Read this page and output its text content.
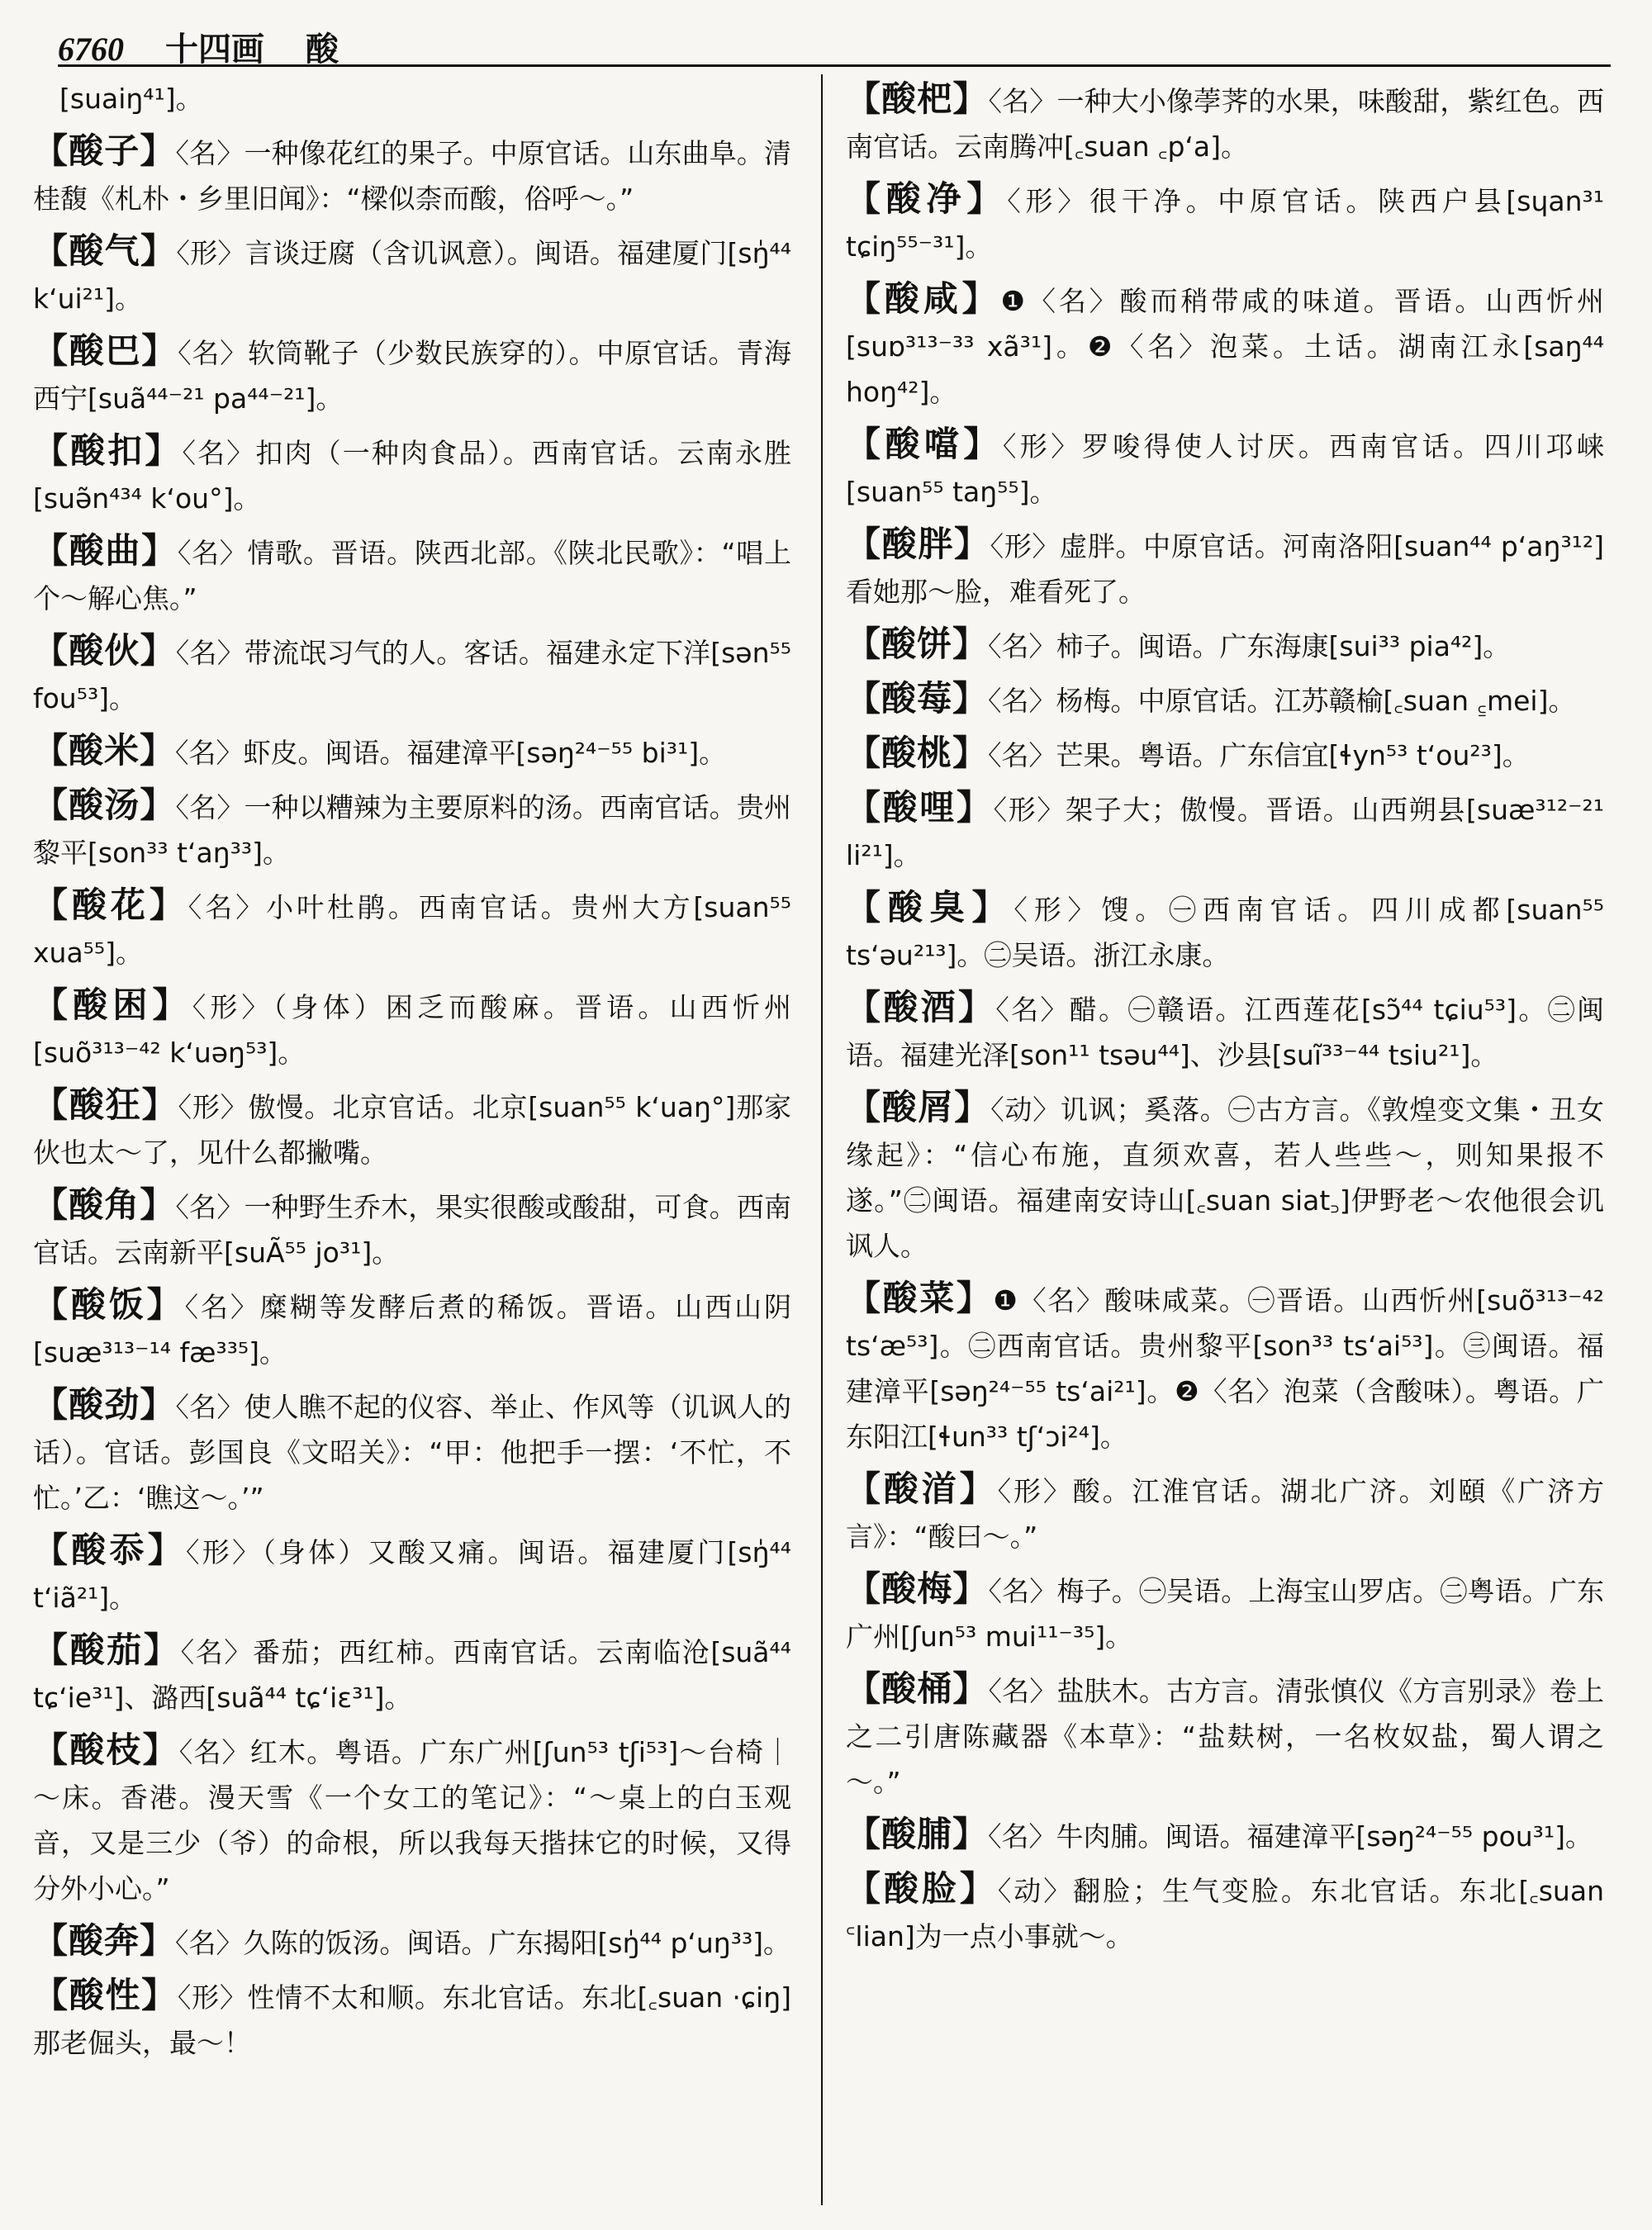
6760 十四画 酸
[suaiŋ⁴¹]。
【酸子】〈名〉一种像花红的果子。中原官话。山东曲阜。清桂馥《札朴・乡里旧闻》：“樑似柰而酸，俗呼～。”
【酸气】〈形〉言谈迂腐（含讥讽意）。闽语。福建厦门[sŋ̍⁴⁴ kʻui²¹]。
【酸巴】〈名〉软筒靴子（少数民族穿的）。中原官话。青海西宁[suã⁴⁴⁻²¹ pa⁴⁴⁻²¹]。
【酸扣】〈名〉扣肉（一种肉食品）。西南官话。云南永胜[suə̃n⁴³⁴ kʻou°]。
【酸曲】〈名〉情歌。晋语。陕西北部。《陕北民歌》：“唱上个～解心焦。”
【酸伙】〈名〉带流氓习气的人。客话。福建永定下洋[sən⁵⁵ fou⁵³]。
【酸米】〈名〉虾皮。闽语。福建漳平[səŋ²⁴⁻⁵⁵ bi³¹]。
【酸汤】〈名〉一种以糟辣为主要原料的汤。西南官话。贵州黎平[son³³ tʻaŋ³³]。
【酸花】〈名〉小叶杜鹃。西南官话。贵州大方[suan⁵⁵ xua⁵⁵]。
【酸困】〈形〉（身体）困乏而酸麻。晋语。山西忻州[suõ³¹³⁻⁴² kʻuəŋ⁵³]。
【酸狂】〈形〉傲慢。北京官话。北京[suan⁵⁵ kʻuaŋ°]那家伙也太～了，见什么都撇嘴。
【酸角】〈名〉一种野生乔木，果实很酸或酸甜，可食。西南官话。云南新平[suÃ⁵⁵ jo³¹]。
【酸饭】〈名〉糜糊等发酵后煮的稀饭。晋语。山西山阴[suæ³¹³⁻¹⁴ fæ³³⁵]。
【酸劲】〈名〉使人瞧不起的仪容、举止、作风等（讥讽人的话）。官话。彭国良《文昭关》：“甲：他把手一摆：‘不忙，不忙。’乙：‘瞧这～。’”
【酸忝】〈形〉（身体）又酸又痛。闽语。福建厦门[sŋ̍⁴⁴ tʻiã²¹]。
【酸茄】〈名〉番茄；西红柿。西南官话。云南临沧[suã⁴⁴ tɕʻie³¹]、潞西[suã⁴⁴ tɕʻiɛ³¹]。
【酸枝】〈名〉红木。粤语。广东广州[ʃun⁵³ tʃi⁵³]～台椅｜～床。香港。漫天雪《一个女工的笔记》：“～桌上的白玉观音，又是三少（爷）的命根，所以我每天揩抹它的时候，又得分外小心。”
【酸奔】〈名〉久陈的饭汤。闽语。广东揭阳[sŋ̍⁴⁴ pʻuŋ³³]。
【酸性】〈形〉性情不太和顺。东北官话。东北[꜀suan ·ɕiŋ]那老倔头，最～！
【酸杷】〈名〉一种大小像荸荠的水果，味酸甜，紫红色。西南官话。云南腾冲[꜀suan ꜀pʻa]。
【酸净】〈形〉很干净。中原官话。陕西户县[sɥan³¹ tɕiŋ⁵⁵⁻³¹]。
【酸咸】❶〈名〉酸而稍带咸的味道。晋语。山西忻州[suɒ³¹³⁻³³ xã³¹]。❷〈名〉泡菜。土话。湖南江永[saŋ⁴⁴ hoŋ⁴²]。
【酸噹】〈形〉罗唆得使人讨厌。西南官话。四川邛崃[suan⁵⁵ taŋ⁵⁵]。
【酸胖】〈形〉虚胖。中原官话。河南洛阳[suan⁴⁴ pʻaŋ³¹²]看她那～脸，难看死了。
【酸饼】〈名〉柿子。闽语。广东海康[sui³³ pia⁴²]。
【酸莓】〈名〉杨梅。中原官话。江苏赣榆[꜀suan ꜁mei]。
【酸桃】〈名〉芒果。粤语。广东信宜[ɬyn⁵³ tʻou²³]。
【酸哩】〈形〉架子大；傲慢。晋语。山西朔县[suæ³¹²⁻²¹ li²¹]。
【酸臭】〈形〉馊。㊀西南官话。四川成都[suan⁵⁵ tsʻəu²¹³]。㊁吴语。浙江永康。
【酸酒】〈名〉醋。㊀赣语。江西莲花[sɔ̃⁴⁴ tɕiu⁵³]。㊁闽语。福建光泽[son¹¹ tsəu⁴⁴]、沙县[suĩ³³⁻⁴⁴ tsiu²¹]。
【酸屑】〈动〉讥讽；奚落。㊀古方言。《敦煌变文集・丑女缘起》：“信心布施，直须欢喜，若人些些～，则知果报不遂。”㊁闽语。福建南安诗山[꜀suan siat꜆]伊野老～农他很会讥讽人。
【酸菜】❶〈名〉酸味咸菜。㊀晋语。山西忻州[suõ³¹³⁻⁴² tsʻæ⁵³]。㊁西南官话。贵州黎平[son³³ tsʻai⁵³]。㊂闽语。福建漳平[səŋ²⁴⁻⁵⁵ tsʻai²¹]。❷〈名〉泡菜（含酸味）。粤语。广东阳江[ɬun³³ tʃʻɔi²⁴]。
【酸渞】〈形〉酸。江淮官话。湖北广济。刘頤《广济方言》：“酸曰～。”
【酸梅】〈名〉梅子。㊀吴语。上海宝山罗店。㊁粤语。广东广州[ʃun⁵³ mui¹¹⁻³⁵]。
【酸桶】〈名〉盐肤木。古方言。清张慎仪《方言别录》卷上之二引唐陈藏器《本草》：“盐麸树，一名枚奴盐，蜀人谓之～。”
【酸脯】〈名〉牛肉脯。闽语。福建漳平[səŋ²⁴⁻⁵⁵ pou³¹]。
【酸脸】〈动〉翻脸；生气变脸。东北官话。东北[꜀suan ꜂lian]为一点小事就～。
